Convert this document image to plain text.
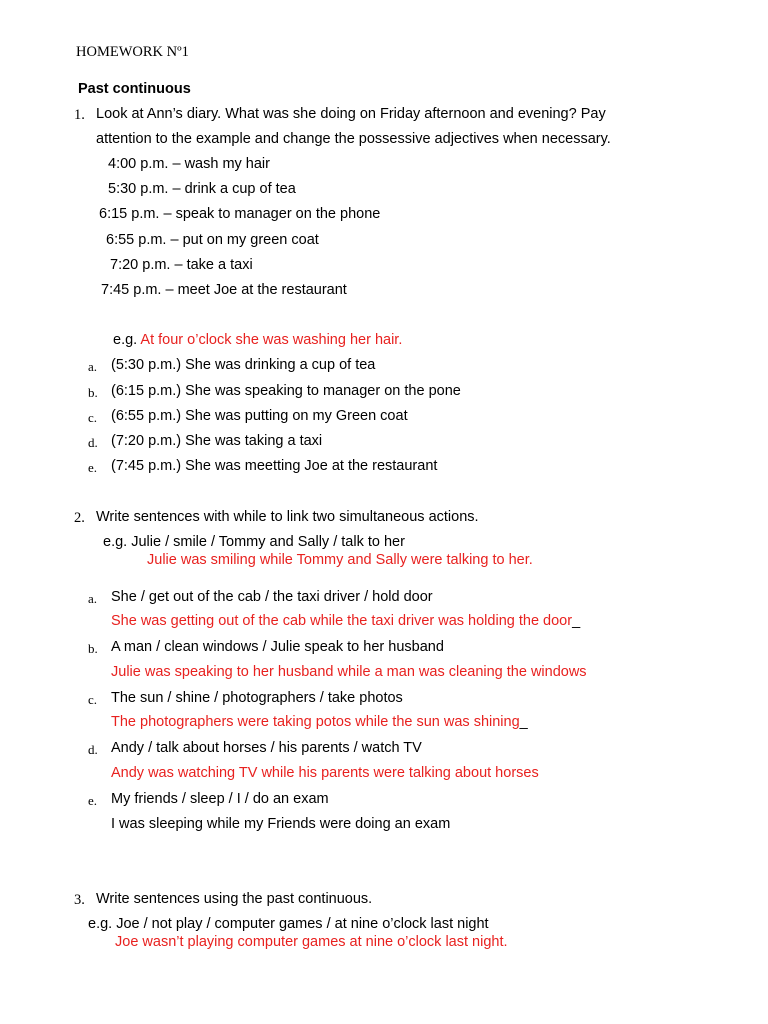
HOMEWORK Nº1
Past continuous
1. Look at Ann’s diary. What was she doing on Friday afternoon and evening? Pay
attention to the example and change the possessive adjectives when necessary.
4:00 p.m. – wash my hair
5:30 p.m. – drink a cup of tea
6:15 p.m. – speak to manager on the phone
6:55 p.m. – put on my green coat
7:20 p.m. – take a taxi
7:45 p.m. – meet Joe at the restaurant
e.g. At four o’clock she was washing her hair.
a. (5:30 p.m.) She was drinking a cup of tea
b. (6:15 p.m.) She was speaking to manager on the pone
c. (6:55 p.m.) She was putting on my Green coat
d. (7:20 p.m.) She was taking a taxi
e. (7:45 p.m.) She was meetting Joe at the restaurant
2. Write sentences with while to link two simultaneous actions.
e.g. Julie / smile / Tommy and Sally / talk to her
Julie was smiling while Tommy and Sally were talking to her.
a. She / get out of the cab / the taxi driver / hold door
She was getting out of the cab while the taxi driver was holding the door_
b. A man / clean windows / Julie speak to her husband
Julie was speaking to her husband while a man was cleaning the windows
c. The sun / shine / photographers / take photos
The photographers were taking potos while the sun was shining_
d. Andy / talk about horses / his parents / watch TV
Andy was watching TV while his parents were talking about horses
e. My friends / sleep / I / do an exam
I was sleeping while my Friends were doing an exam
3. Write sentences using the past continuous.
e.g. Joe / not play / computer games / at nine o’clock last night
Joe wasn’t playing computer games at nine o’clock last night.
